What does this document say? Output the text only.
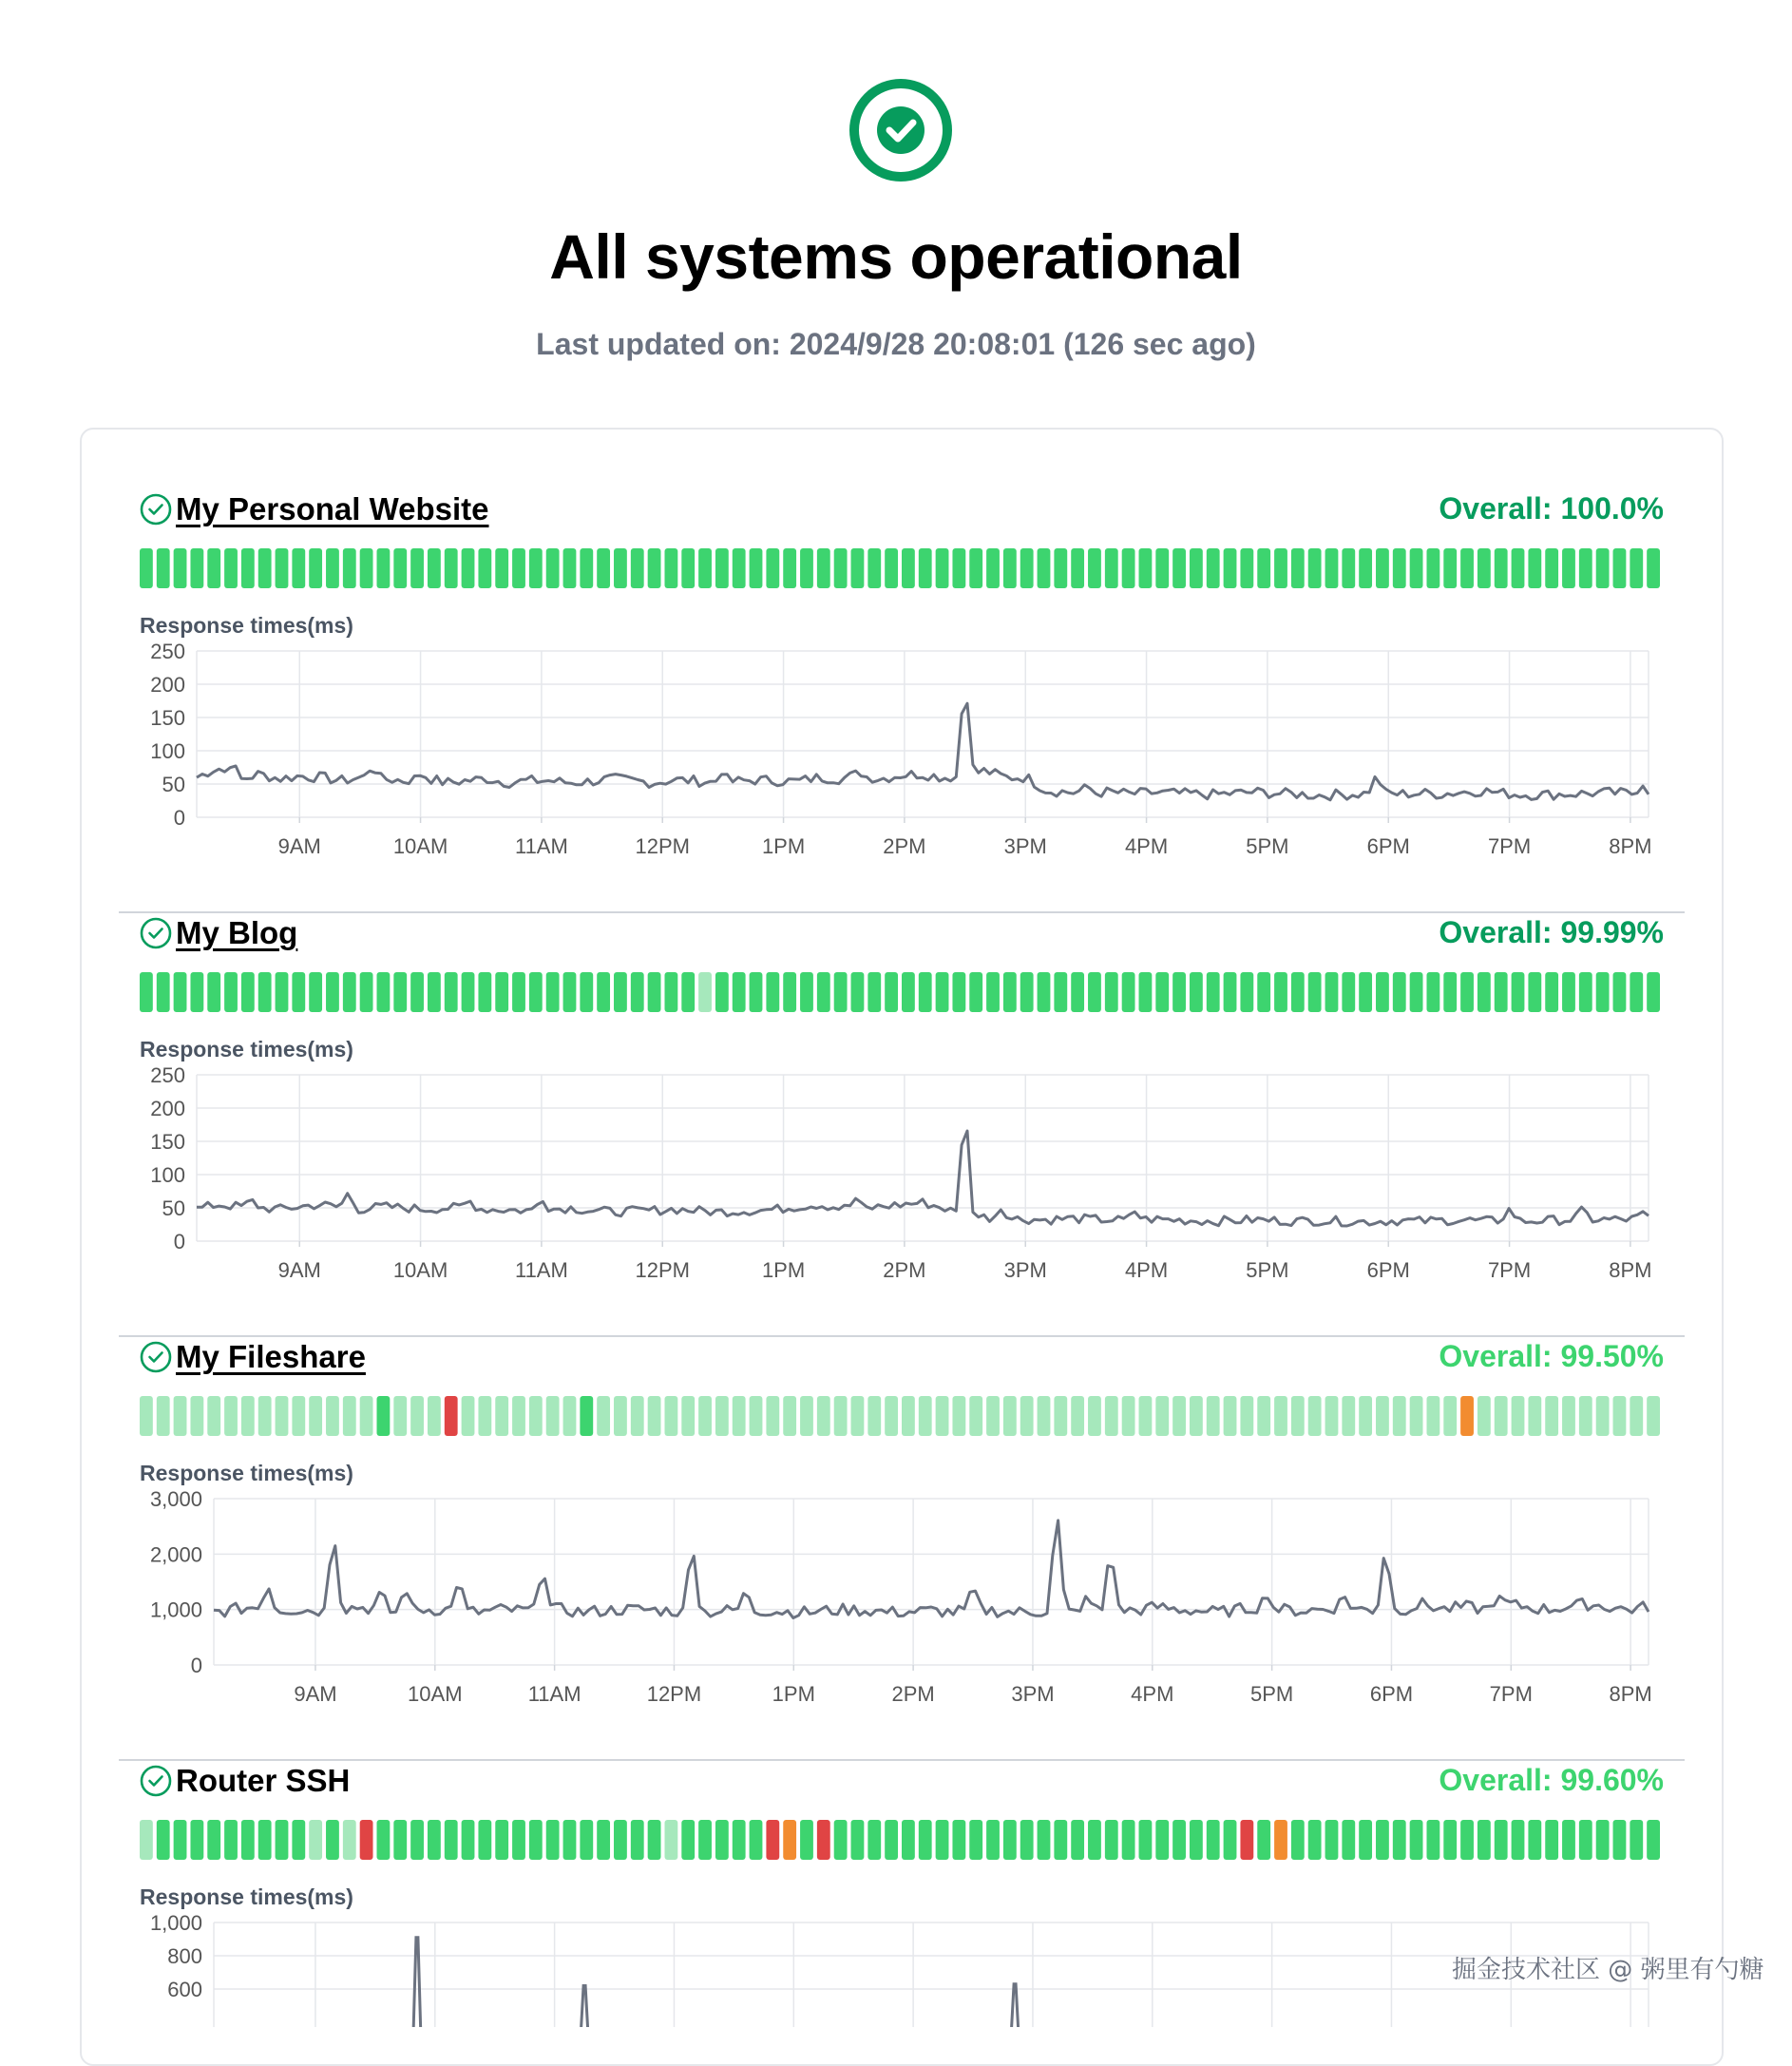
All systems operational
Last updated on: 2024/9/28 20:08:01 (126 sec ago)
My Personal Website	Overall: 100.0%
Response times(ms)
250
200
150
100
50
0
9AM	10AM	11AM	12PM	1PM	2PM	3PM	4PM	5PM	6PM	7PM	8PM
My Blog	Overall: 99.99%
Response times(ms)
250
200
150
100
50
0
9AM	10AM	11AM	12PM	1PM	2PM	3PM	4PM	5PM	6PM	7PM	8PM
My Fileshare	Overall: 99.50%
Response times(ms)
3,000
2,000
1,000
0
9AM	10AM	11AM	12PM	1PM	2PM	3PM	4PM	5PM	6PM	7PM	8PM
Router SSH	Overall: 99.60%
Response times(ms)
1,000
800
600
掘金技术社区 @ 粥里有勺糖
